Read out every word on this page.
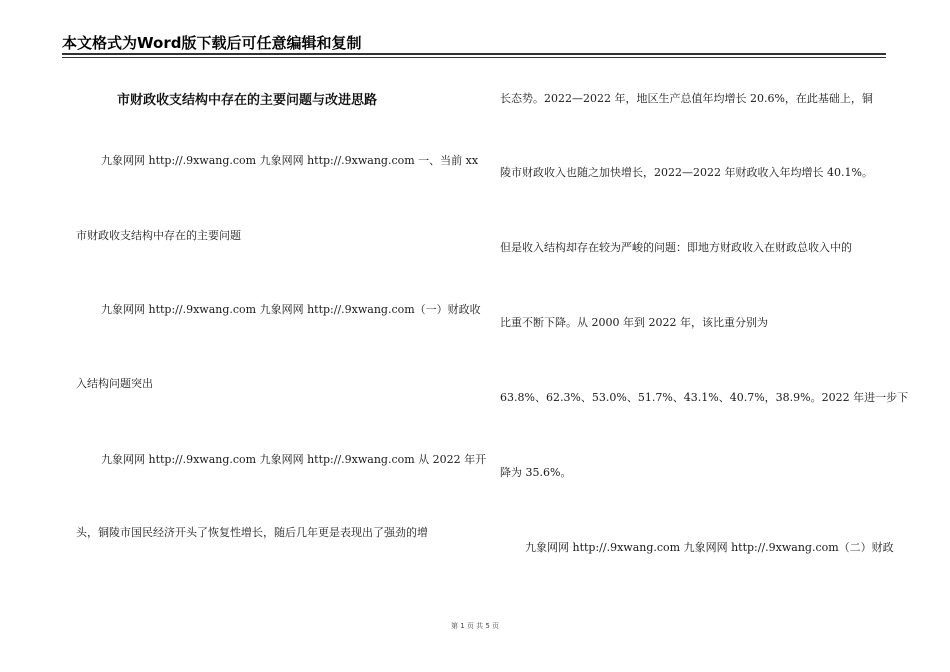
本文格式为Word版下载后可任意编辑和复制
市财政收支结构中存在的主要问题与改进思路
九象网网 http://.9xwang.com 九象网网 http://.9xwang.com 一、当前 xx
市财政收支结构中存在的主要问题
九象网网 http://.9xwang.com 九象网网 http://.9xwang.com（一）财政收
入结构问题突出
九象网网 http://.9xwang.com 九象网网 http://.9xwang.com 从 2022 年开
头，铜陵市国民经济开头了恢复性增长，随后几年更是表现出了强劲的增
长态势。2022—2022 年，地区生产总值年均增长 20.6%，在此基础上，铜
陵市财政收入也随之加快增长，2022—2022 年财政收入年均增长 40.1%。
但是收入结构却存在较为严峻的问题：即地方财政收入在财政总收入中的
比重不断下降。从 2000 年到 2022 年，该比重分别为
63.8%、62.3%、53.0%、51.7%、43.1%、40.7%，38.9%。2022 年进一步下
降为 35.6%。
九象网网 http://.9xwang.com 九象网网 http://.9xwang.com（二）财政
第 1 页 共 5 页
